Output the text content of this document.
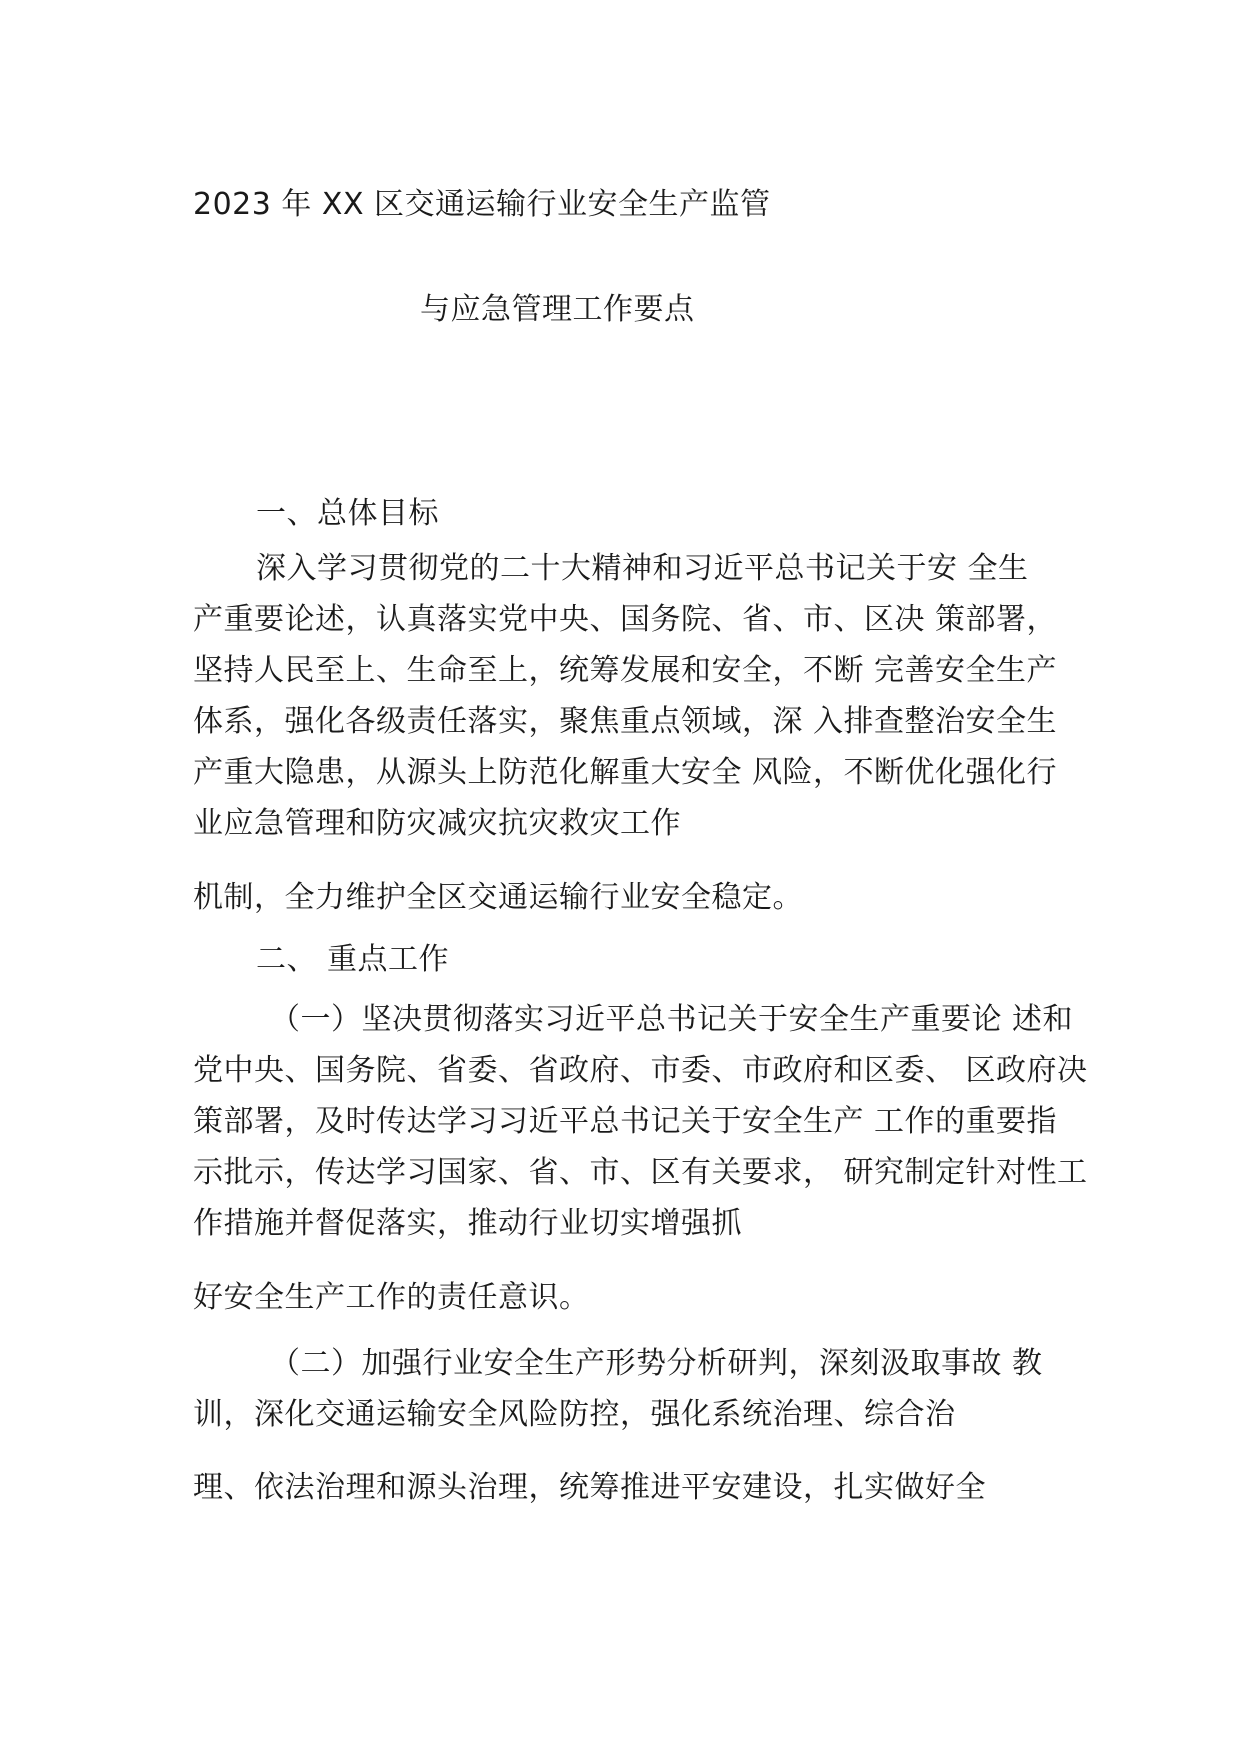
2023 年 XX 区交通运输行业安全生产监管
与应急管理工作要点
一、总体目标
深入学习贯彻党的二十大精神和习近平总书记关于安 全生
产重要论述，认真落实党中央、国务院、省、市、区决 策部署，
坚持人民至上、生命至上，统筹发展和安全，不断 完善安全生产
体系，强化各级责任落实，聚焦重点领域，深 入排查整治安全生
产重大隐患，从源头上防范化解重大安全 风险，不断优化强化行
业应急管理和防灾减灾抗灾救灾工作
机制，全力维护全区交通运输行业安全稳定。
二、 重点工作
（一）坚决贯彻落实习近平总书记关于安全生产重要论 述和
党中央、国务院、省委、省政府、市委、市政府和区委、 区政府决
策部署，及时传达学习习近平总书记关于安全生产 工作的重要指
示批示，传达学习国家、省、市、区有关要求， 研究制定针对性工
作措施并督促落实，推动行业切实增强抓
好安全生产工作的责任意识。
（二）加强行业安全生产形势分析研判，深刻汲取事故 教
训，深化交通运输安全风险防控，强化系统治理、综合治
理、依法治理和源头治理，统筹推进平安建设，扎实做好全
